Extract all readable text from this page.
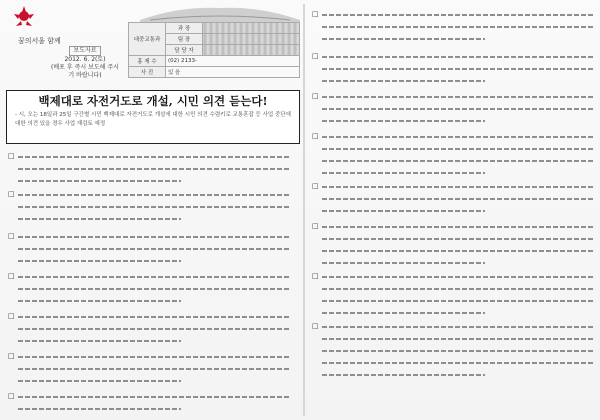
꿈의서울 함께
보도자료
2012. 6. 2(토)
(배포 후 즉시 보도해 주시기 바랍니다)
대중교통과	과 장	
	팀 장	
	담 당 자	
홍 제 수	(02) 2133-	
사 진	있 음	
백제대로 자전거도로 개설, 시민 의견 듣는다!
- 시, 오는 18일과 25일 구간별 시민 백제대로 자전거도로 개설에 대한 시민 의견 수렴키로 교통혼잡 등 사업 중단에 대한 의견 있을 경우 사업 재검토 예정
□
□
□
□
□
□
□
□
□
□
□
□
□
□
□
